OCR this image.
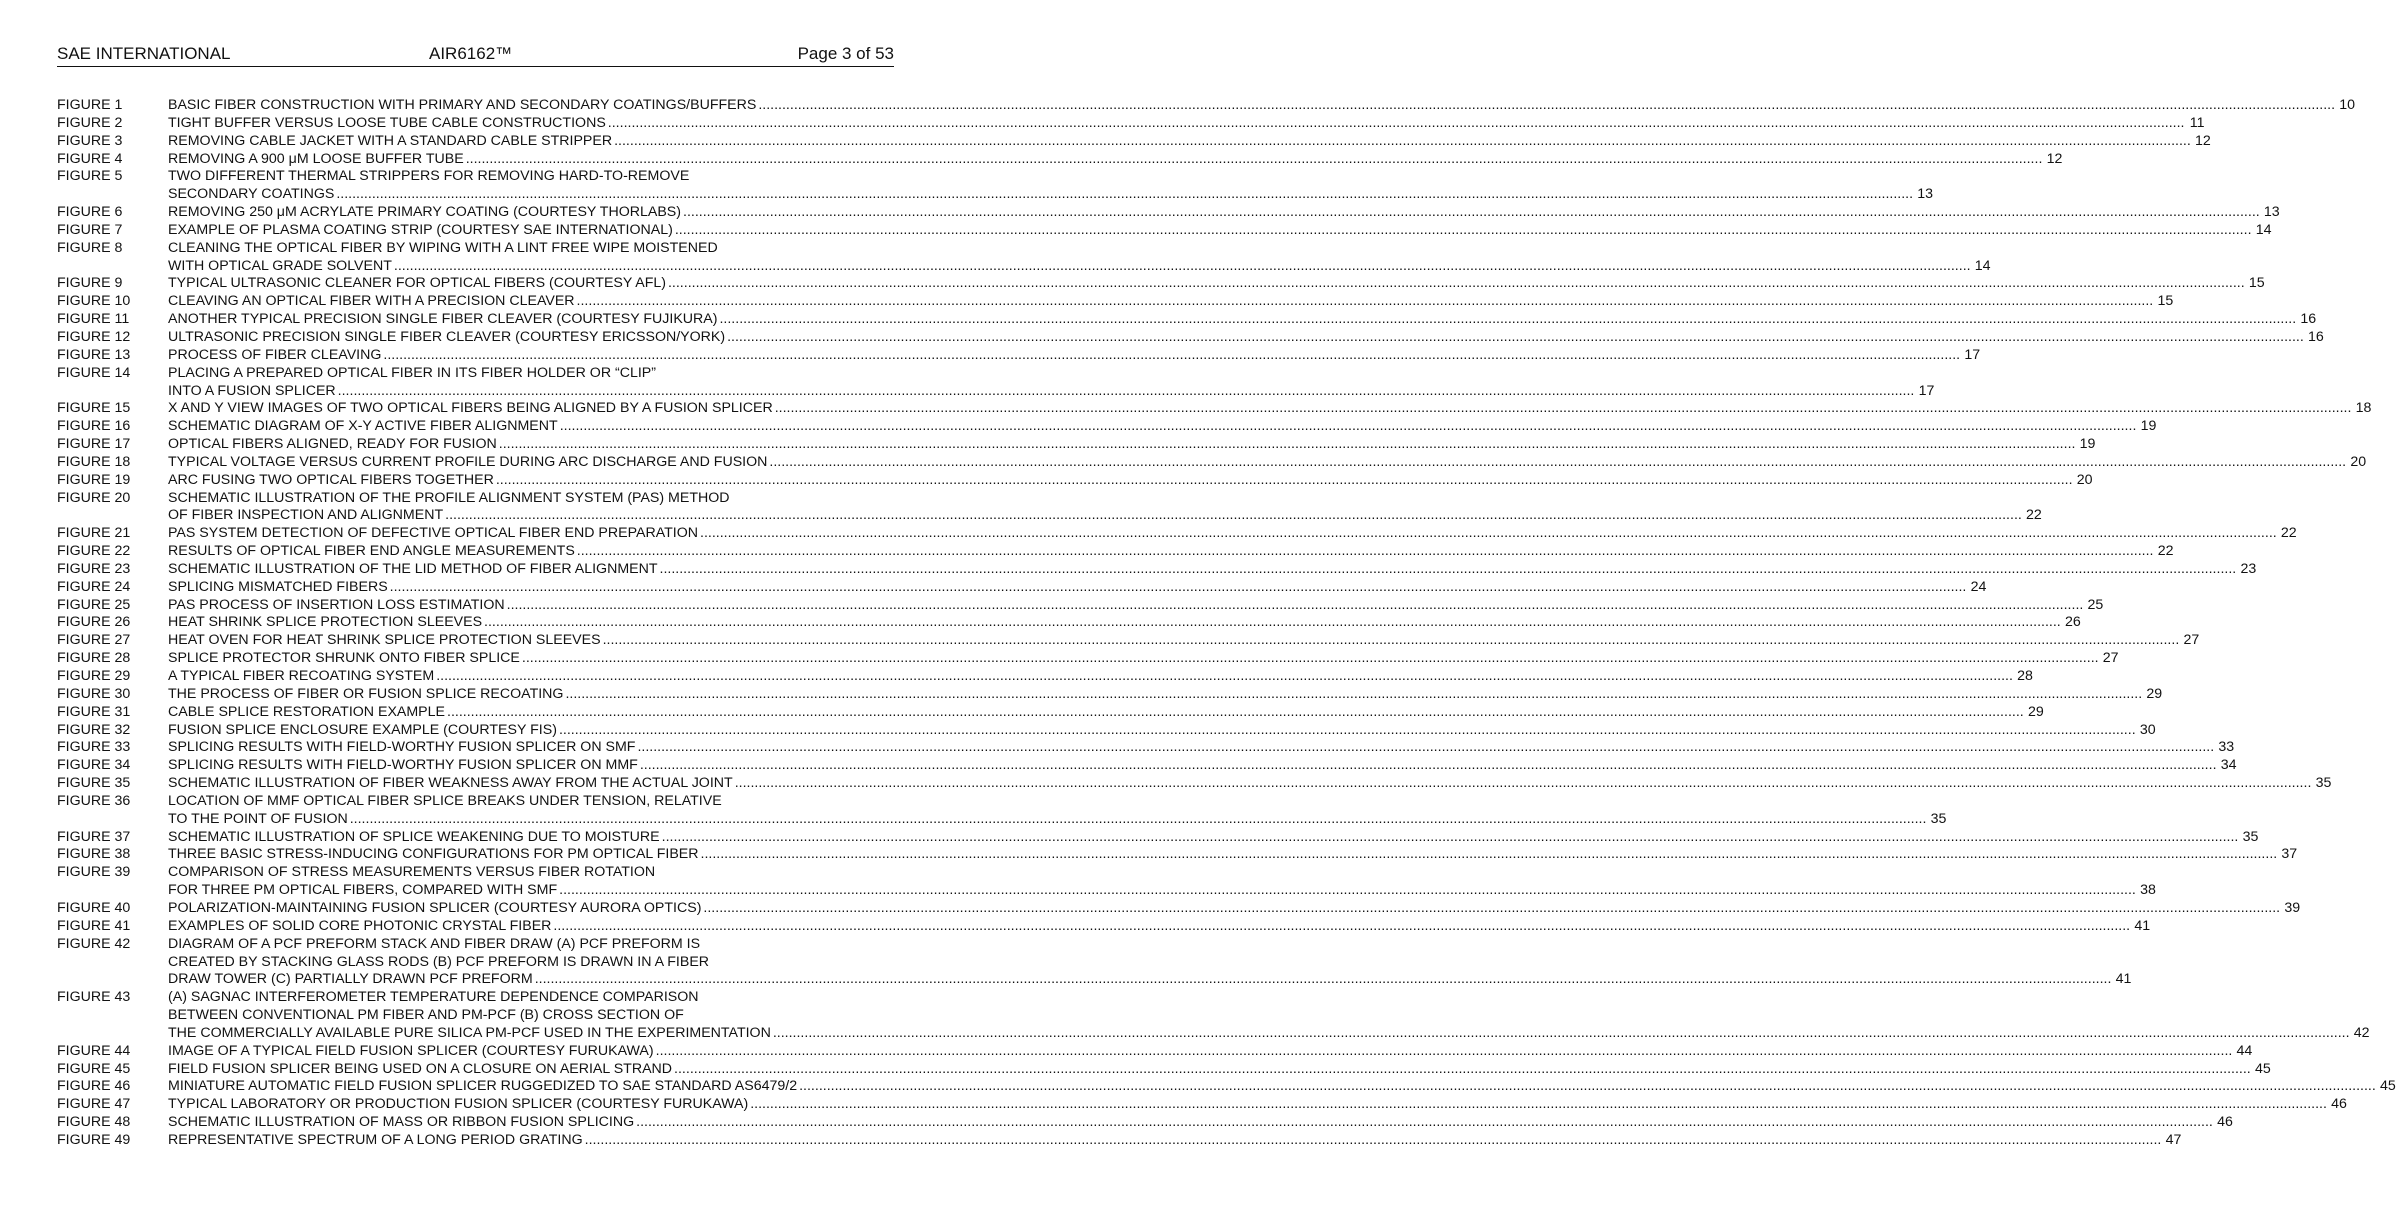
SAE INTERNATIONAL	AIR6162™	Page 3 of 53
FIGURE 1	BASIC FIBER CONSTRUCTION WITH PRIMARY AND SECONDARY COATINGS/BUFFERS ................................................................................................................................................................................................................................................................................................................................................................................................................ 10
FIGURE 2	TIGHT BUFFER VERSUS LOOSE TUBE CABLE CONSTRUCTIONS ................................................................................................................................................................................................................................................................................................................................................................................................................ 11
FIGURE 3	REMOVING CABLE JACKET WITH A STANDARD CABLE STRIPPER ................................................................................................................................................................................................................................................................................................................................................................................................................ 12
FIGURE 4	REMOVING A 900 μM LOOSE BUFFER TUBE ................................................................................................................................................................................................................................................................................................................................................................................................................ 12
FIGURE 5	TWO DIFFERENT THERMAL STRIPPERS FOR REMOVING HARD-TO-REMOVE
SECONDARY COATINGS ................................................................................................................................................................................................................................................................................................................................................................................................................ 13
FIGURE 6	REMOVING 250 μM ACRYLATE PRIMARY COATING (COURTESY THORLABS) ................................................................................................................................................................................................................................................................................................................................................................................................................ 13
FIGURE 7	EXAMPLE OF PLASMA COATING STRIP (COURTESY SAE INTERNATIONAL) ................................................................................................................................................................................................................................................................................................................................................................................................................ 14
FIGURE 8	CLEANING THE OPTICAL FIBER BY WIPING WITH A LINT FREE WIPE MOISTENED
WITH OPTICAL GRADE SOLVENT ................................................................................................................................................................................................................................................................................................................................................................................................................ 14
FIGURE 9	TYPICAL ULTRASONIC CLEANER FOR OPTICAL FIBERS (COURTESY AFL) ................................................................................................................................................................................................................................................................................................................................................................................................................ 15
FIGURE 10	CLEAVING AN OPTICAL FIBER WITH A PRECISION CLEAVER ................................................................................................................................................................................................................................................................................................................................................................................................................ 15
FIGURE 11	ANOTHER TYPICAL PRECISION SINGLE FIBER CLEAVER (COURTESY FUJIKURA) ................................................................................................................................................................................................................................................................................................................................................................................................................ 16
FIGURE 12	ULTRASONIC PRECISION SINGLE FIBER CLEAVER (COURTESY ERICSSON/YORK) ................................................................................................................................................................................................................................................................................................................................................................................................................ 16
FIGURE 13	PROCESS OF FIBER CLEAVING ................................................................................................................................................................................................................................................................................................................................................................................................................ 17
FIGURE 14	PLACING A PREPARED OPTICAL FIBER IN ITS FIBER HOLDER OR “CLIP”
INTO A FUSION SPLICER ................................................................................................................................................................................................................................................................................................................................................................................................................ 17
FIGURE 15	X AND Y VIEW IMAGES OF TWO OPTICAL FIBERS BEING ALIGNED BY A FUSION SPLICER ................................................................................................................................................................................................................................................................................................................................................................................................................ 18
FIGURE 16	SCHEMATIC DIAGRAM OF X-Y ACTIVE FIBER ALIGNMENT ................................................................................................................................................................................................................................................................................................................................................................................................................ 19
FIGURE 17	OPTICAL FIBERS ALIGNED, READY FOR FUSION ................................................................................................................................................................................................................................................................................................................................................................................................................ 19
FIGURE 18	TYPICAL VOLTAGE VERSUS CURRENT PROFILE DURING ARC DISCHARGE AND FUSION ................................................................................................................................................................................................................................................................................................................................................................................................................ 20
FIGURE 19	ARC FUSING TWO OPTICAL FIBERS TOGETHER ................................................................................................................................................................................................................................................................................................................................................................................................................ 20
FIGURE 20	SCHEMATIC ILLUSTRATION OF THE PROFILE ALIGNMENT SYSTEM (PAS) METHOD
OF FIBER INSPECTION AND ALIGNMENT ................................................................................................................................................................................................................................................................................................................................................................................................................ 22
FIGURE 21	PAS SYSTEM DETECTION OF DEFECTIVE OPTICAL FIBER END PREPARATION ................................................................................................................................................................................................................................................................................................................................................................................................................ 22
FIGURE 22	RESULTS OF OPTICAL FIBER END ANGLE MEASUREMENTS ................................................................................................................................................................................................................................................................................................................................................................................................................ 22
FIGURE 23	SCHEMATIC ILLUSTRATION OF THE LID METHOD OF FIBER ALIGNMENT ................................................................................................................................................................................................................................................................................................................................................................................................................ 23
FIGURE 24	SPLICING MISMATCHED FIBERS ................................................................................................................................................................................................................................................................................................................................................................................................................ 24
FIGURE 25	PAS PROCESS OF INSERTION LOSS ESTIMATION ................................................................................................................................................................................................................................................................................................................................................................................................................ 25
FIGURE 26	HEAT SHRINK SPLICE PROTECTION SLEEVES ................................................................................................................................................................................................................................................................................................................................................................................................................ 26
FIGURE 27	HEAT OVEN FOR HEAT SHRINK SPLICE PROTECTION SLEEVES ................................................................................................................................................................................................................................................................................................................................................................................................................ 27
FIGURE 28	SPLICE PROTECTOR SHRUNK ONTO FIBER SPLICE ................................................................................................................................................................................................................................................................................................................................................................................................................ 27
FIGURE 29	A TYPICAL FIBER RECOATING SYSTEM ................................................................................................................................................................................................................................................................................................................................................................................................................ 28
FIGURE 30	THE PROCESS OF FIBER OR FUSION SPLICE RECOATING ................................................................................................................................................................................................................................................................................................................................................................................................................ 29
FIGURE 31	CABLE SPLICE RESTORATION EXAMPLE ................................................................................................................................................................................................................................................................................................................................................................................................................ 29
FIGURE 32	FUSION SPLICE ENCLOSURE EXAMPLE (COURTESY FIS) ................................................................................................................................................................................................................................................................................................................................................................................................................ 30
FIGURE 33	SPLICING RESULTS WITH FIELD-WORTHY FUSION SPLICER ON SMF ................................................................................................................................................................................................................................................................................................................................................................................................................ 33
FIGURE 34	SPLICING RESULTS WITH FIELD-WORTHY FUSION SPLICER ON MMF ................................................................................................................................................................................................................................................................................................................................................................................................................ 34
FIGURE 35	SCHEMATIC ILLUSTRATION OF FIBER WEAKNESS AWAY FROM THE ACTUAL JOINT ................................................................................................................................................................................................................................................................................................................................................................................................................ 35
FIGURE 36	LOCATION OF MMF OPTICAL FIBER SPLICE BREAKS UNDER TENSION, RELATIVE
TO THE POINT OF FUSION ................................................................................................................................................................................................................................................................................................................................................................................................................ 35
FIGURE 37	SCHEMATIC ILLUSTRATION OF SPLICE WEAKENING DUE TO MOISTURE ................................................................................................................................................................................................................................................................................................................................................................................................................ 35
FIGURE 38	THREE BASIC STRESS-INDUCING CONFIGURATIONS FOR PM OPTICAL FIBER ................................................................................................................................................................................................................................................................................................................................................................................................................ 37
FIGURE 39	COMPARISON OF STRESS MEASUREMENTS VERSUS FIBER ROTATION
FOR THREE PM OPTICAL FIBERS, COMPARED WITH SMF ................................................................................................................................................................................................................................................................................................................................................................................................................ 38
FIGURE 40	POLARIZATION-MAINTAINING FUSION SPLICER (COURTESY AURORA OPTICS) ................................................................................................................................................................................................................................................................................................................................................................................................................ 39
FIGURE 41	EXAMPLES OF SOLID CORE PHOTONIC CRYSTAL FIBER ................................................................................................................................................................................................................................................................................................................................................................................................................ 41
FIGURE 42	DIAGRAM OF A PCF PREFORM STACK AND FIBER DRAW (A) PCF PREFORM IS
CREATED BY STACKING GLASS RODS (B) PCF PREFORM IS DRAWN IN A FIBER
DRAW TOWER (C) PARTIALLY DRAWN PCF PREFORM ................................................................................................................................................................................................................................................................................................................................................................................................................ 41
FIGURE 43	(A) SAGNAC INTERFEROMETER TEMPERATURE DEPENDENCE COMPARISON
BETWEEN CONVENTIONAL PM FIBER AND PM-PCF (B) CROSS SECTION OF
THE COMMERCIALLY AVAILABLE PURE SILICA PM-PCF USED IN THE EXPERIMENTATION ................................................................................................................................................................................................................................................................................................................................................................................................................ 42
FIGURE 44	IMAGE OF A TYPICAL FIELD FUSION SPLICER (COURTESY FURUKAWA) ................................................................................................................................................................................................................................................................................................................................................................................................................ 44
FIGURE 45	FIELD FUSION SPLICER BEING USED ON A CLOSURE ON AERIAL STRAND ................................................................................................................................................................................................................................................................................................................................................................................................................ 45
FIGURE 46	MINIATURE AUTOMATIC FIELD FUSION SPLICER RUGGEDIZED TO SAE STANDARD AS6479/2 ................................................................................................................................................................................................................................................................................................................................................................................................................ 45
FIGURE 47	TYPICAL LABORATORY OR PRODUCTION FUSION SPLICER (COURTESY FURUKAWA) ................................................................................................................................................................................................................................................................................................................................................................................................................ 46
FIGURE 48	SCHEMATIC ILLUSTRATION OF MASS OR RIBBON FUSION SPLICING ................................................................................................................................................................................................................................................................................................................................................................................................................ 46
FIGURE 49	REPRESENTATIVE SPECTRUM OF A LONG PERIOD GRATING ................................................................................................................................................................................................................................................................................................................................................................................................................ 47
